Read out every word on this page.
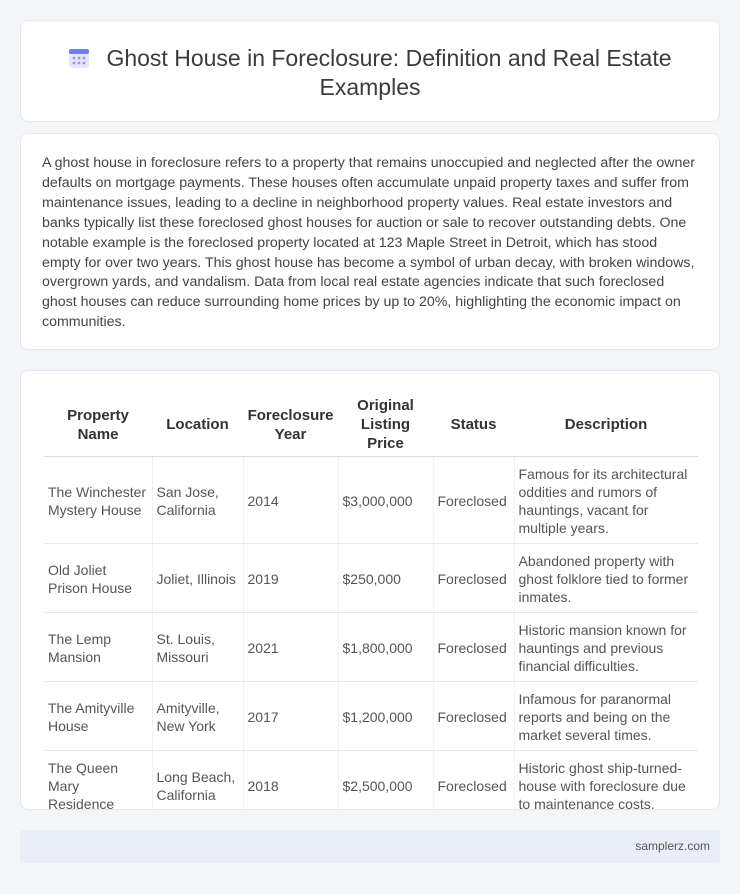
Ghost House in Foreclosure: Definition and Real Estate Examples

A ghost house in foreclosure refers to a property that remains unoccupied and neglected after the owner defaults on mortgage payments. These houses often accumulate unpaid property taxes and suffer from maintenance issues, leading to a decline in neighborhood property values. Real estate investors and banks typically list these foreclosed ghost houses for auction or sale to recover outstanding debts. One notable example is the foreclosed property located at 123 Maple Street in Detroit, which has stood empty for over two years. This ghost house has become a symbol of urban decay, with broken windows, overgrown yards, and vandalism. Data from local real estate agencies indicate that such foreclosed ghost houses can reduce surrounding home prices by up to 20%, highlighting the economic impact on communities.

Property Name	Location	Foreclosure Year	Original Listing Price	Status	Description
The Winchester Mystery House	San Jose, California	2014	$3,000,000	Foreclosed	Famous for its architectural oddities and rumors of hauntings, vacant for multiple years.
Old Joliet Prison House	Joliet, Illinois	2019	$250,000	Foreclosed	Abandoned property with ghost folklore tied to former inmates.
The Lemp Mansion	St. Louis, Missouri	2021	$1,800,000	Foreclosed	Historic mansion known for hauntings and previous financial difficulties.
The Amityville House	Amityville, New York	2017	$1,200,000	Foreclosed	Infamous for paranormal reports and being on the market several times.
The Queen Mary Residence	Long Beach, California	2018	$2,500,000	Foreclosed	Historic ghost ship-turned-house with foreclosure due to maintenance costs.
samplerz.com
